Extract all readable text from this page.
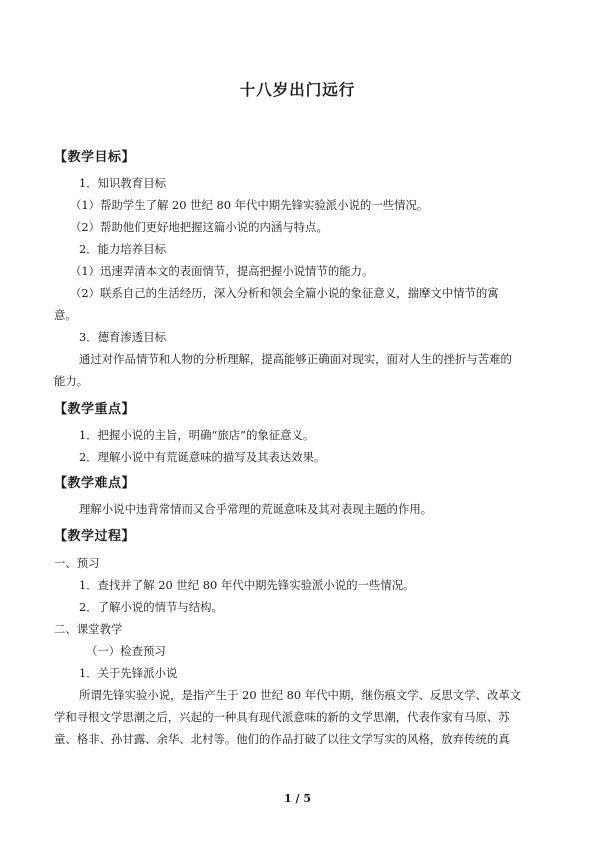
十八岁出门远行
【教学目标】
1．知识教育目标
（1）帮助学生了解 20 世纪 80 年代中期先锋实验派小说的一些情况。
（2）帮助他们更好地把握这篇小说的内涵与特点。
2．能力培养目标
（1）迅速弄清本文的表面情节，提高把握小说情节的能力。
（2）联系自己的生活经历，深入分析和领会全篇小说的象征意义，揣摩文中情节的寓
意。
3．德育渗透目标
通过对作品情节和人物的分析理解，提高能够正确面对现实，面对人生的挫折与苦难的
能力。
【教学重点】
1．把握小说的主旨，明确“旅店”的象征意义。
2．理解小说中有荒诞意味的描写及其表达效果。
【教学难点】
理解小说中违背常情而又合乎常理的荒诞意味及其对表现主题的作用。
【教学过程】
一、预习
1．查找并了解 20 世纪 80 年代中期先锋实验派小说的一些情况。
2．了解小说的情节与结构。
二、课堂教学
（一）检查预习
1．关于先锋派小说
所谓先锋实验小说，是指产生于 20 世纪 80 年代中期，继伤痕文学、反思文学、改革文
学和寻根文学思潮之后，兴起的一种具有现代派意味的新的文学思潮，代表作家有马原、苏
童、格非、孙甘露、余华、北村等。他们的作品打破了以往文学写实的风格，放弃传统的真
1 / 5
